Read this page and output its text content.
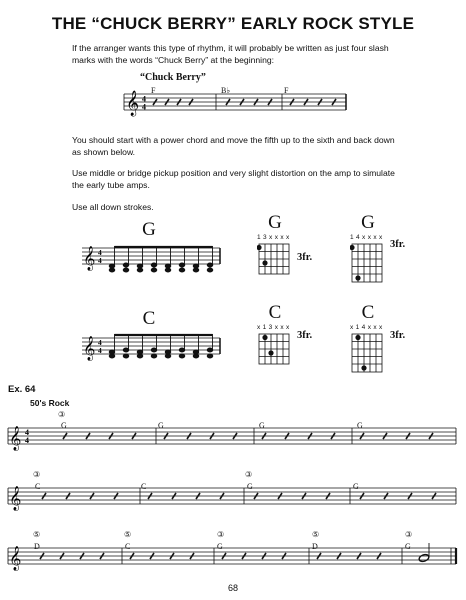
THE “CHUCK BERRY” EARLY ROCK STYLE
If the arranger wants this type of rhythm, it will probably be written as just four slash marks with the words “Chuck Berry” at the beginning:
“Chuck Berry”
𝄞 4
4
F	B♭	F
You should start with a power chord and move the fifth up to the sixth and back down as shown below.
Use middle or bridge pickup position and very slight distortion on the amp to simulate the early tube amps.
Use all down strokes.
G
𝄞 4
4
G
1 3 x x x x
3fr.
G
1 4 x x x x
3fr.
C
𝄞 4
4
C
x 1 3 x x x
3fr.
C
x 1 4 x x x
3fr.
Ex. 64
50's Rock
③
𝄞 4
4
G	G	G	G
③	③
𝄞 C	C	G	G
⑤	⑤	③	⑤	③
𝄞 D	C	G	D	G
68
